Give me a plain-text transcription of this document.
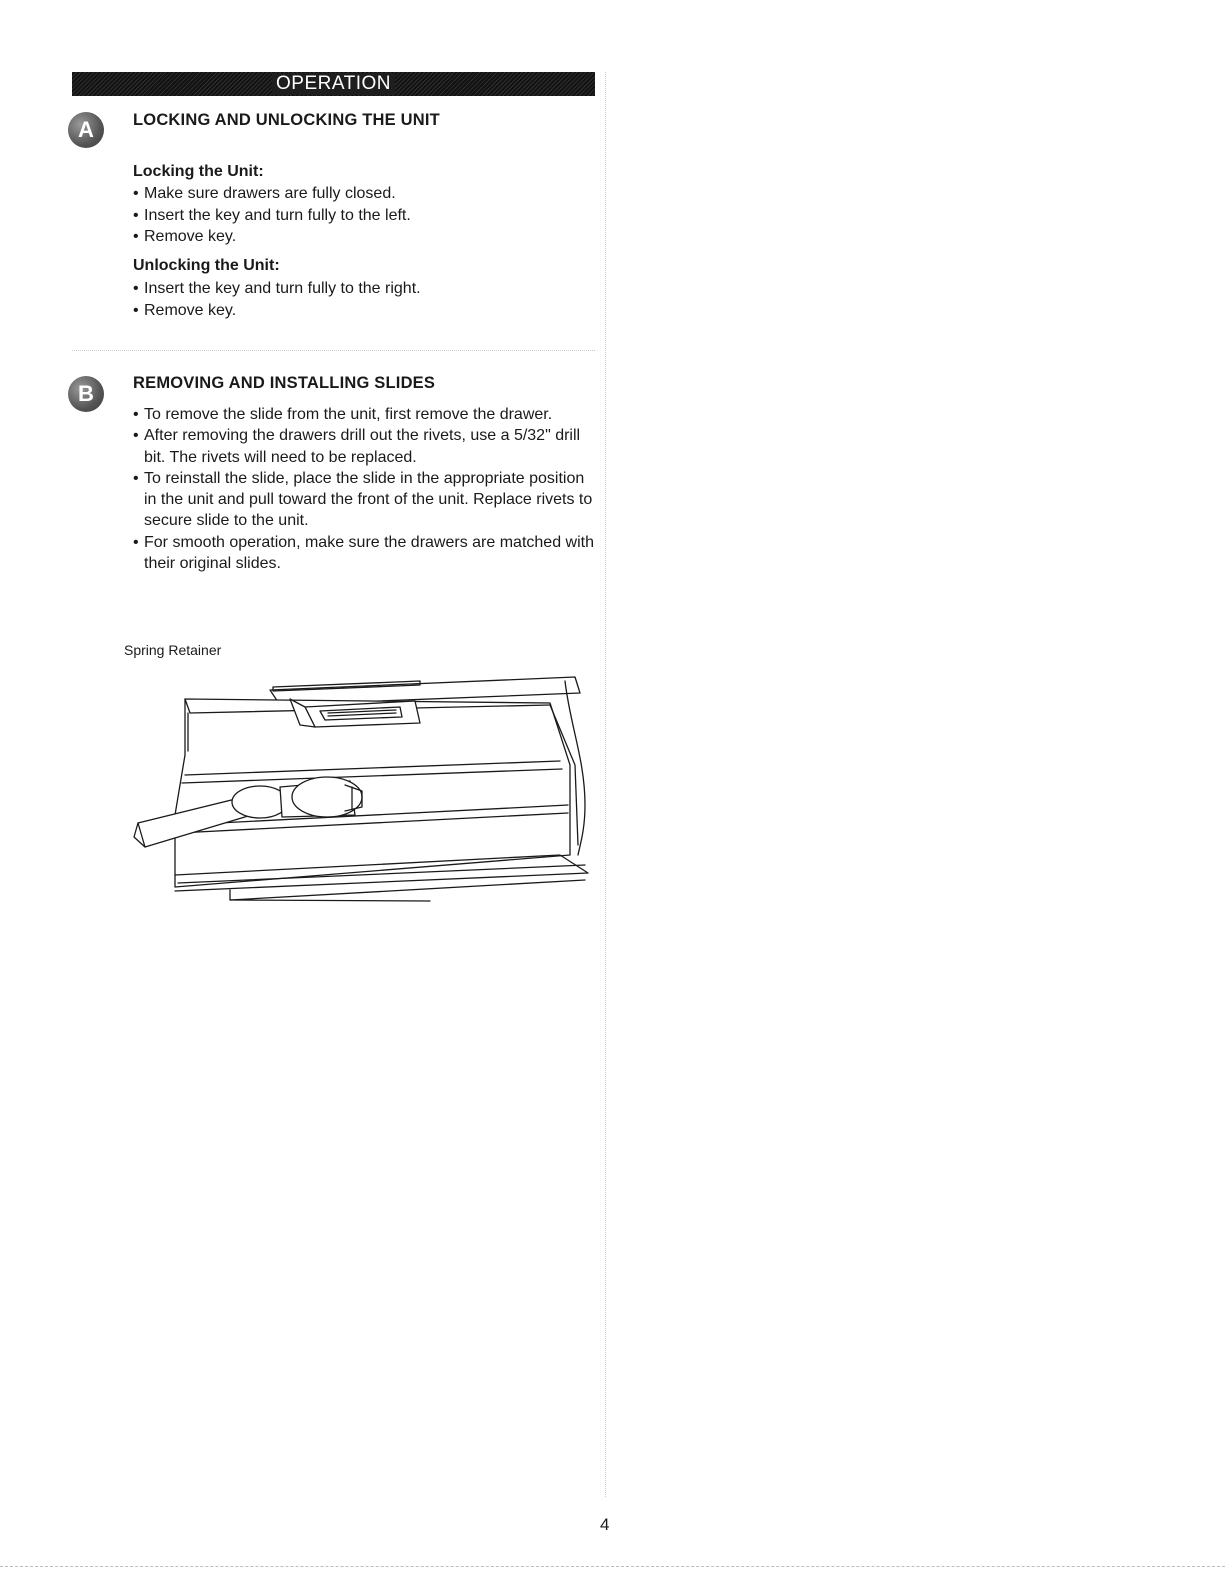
OPERATION
A	LOCKING AND UNLOCKING THE UNIT
Locking the Unit:
• Make sure drawers are fully closed.
• Insert the key and turn fully to the left.
• Remove key.
Unlocking the Unit:
• Insert the key and turn fully to the right.
• Remove key.
B	REMOVING AND INSTALLING SLIDES
• To remove the slide from the unit, first remove the drawer.
• After removing the drawers drill out the rivets, use a 5/32" drill bit. The rivets will need to be replaced.
• To reinstall the slide, place the slide in the appropriate position in the unit and pull toward the front of the unit. Replace rivets to secure slide to the unit.
• For smooth operation, make sure the drawers are matched with their original slides.
Spring Retainer
4
